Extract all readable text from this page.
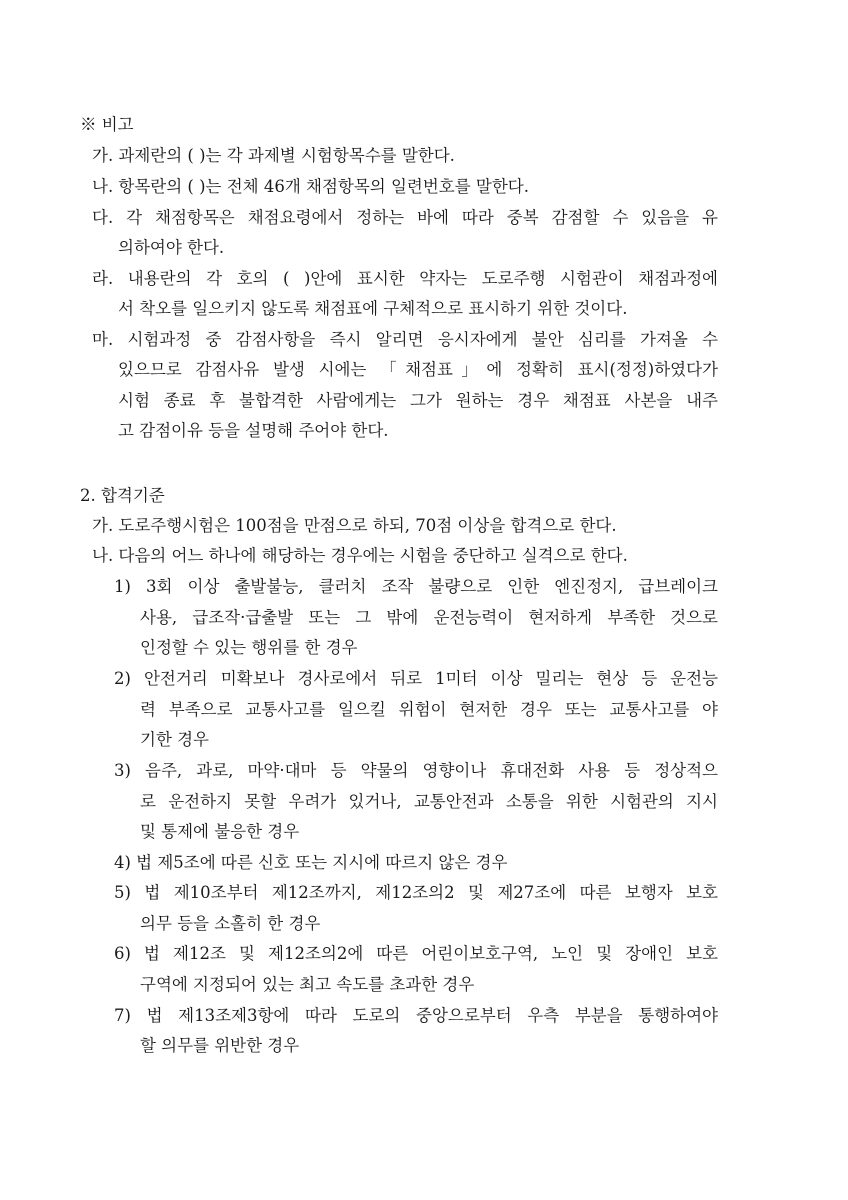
※ 비고
가. 과제란의 ( )는 각 과제별 시험항목수를 말한다.
나. 항목란의 ( )는 전체 46개 채점항목의 일련번호를 말한다.
다. 각 채점항목은 채점요령에서 정하는 바에 따라 중복 감점할 수 있음을 유
의하여야 한다.
라. 내용란의 각 호의 ( )안에 표시한 약자는 도로주행 시험관이 채점과정에
서 착오를 일으키지 않도록 채점표에 구체적으로 표시하기 위한 것이다.
마. 시험과정 중 감점사항을 즉시 알리면 응시자에게 불안 심리를 가져올 수
있으므로 감점사유 발생 시에는 「채점표」에 정확히 표시(정정)하였다가
시험 종료 후 불합격한 사람에게는 그가 원하는 경우 채점표 사본을 내주
고 감점이유 등을 설명해 주어야 한다.
2. 합격기준
가. 도로주행시험은 100점을 만점으로 하되, 70점 이상을 합격으로 한다.
나. 다음의 어느 하나에 해당하는 경우에는 시험을 중단하고 실격으로 한다.
1) 3회 이상 출발불능, 클러치 조작 불량으로 인한 엔진정지, 급브레이크
사용, 급조작·급출발 또는 그 밖에 운전능력이 현저하게 부족한 것으로
인정할 수 있는 행위를 한 경우
2) 안전거리 미확보나 경사로에서 뒤로 1미터 이상 밀리는 현상 등 운전능
력 부족으로 교통사고를 일으킬 위험이 현저한 경우 또는 교통사고를 야
기한 경우
3) 음주, 과로, 마약·대마 등 약물의 영향이나 휴대전화 사용 등 정상적으
로 운전하지 못할 우려가 있거나, 교통안전과 소통을 위한 시험관의 지시
및 통제에 불응한 경우
4) 법 제5조에 따른 신호 또는 지시에 따르지 않은 경우
5) 법 제10조부터 제12조까지, 제12조의2 및 제27조에 따른 보행자 보호
의무 등을 소홀히 한 경우
6) 법 제12조 및 제12조의2에 따른 어린이보호구역, 노인 및 장애인 보호
구역에 지정되어 있는 최고 속도를 초과한 경우
7) 법 제13조제3항에 따라 도로의 중앙으로부터 우측 부분을 통행하여야
할 의무를 위반한 경우
